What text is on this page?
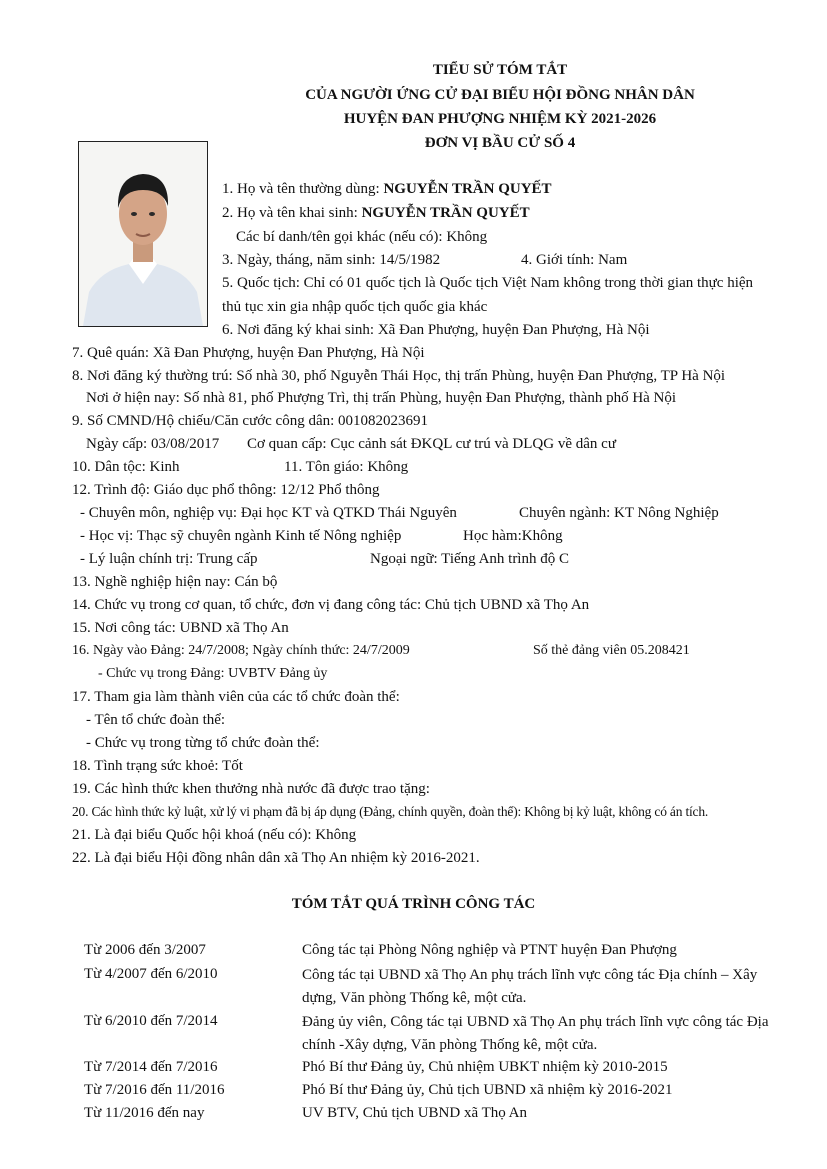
TIỂU SỬ TÓM TẮT
CỦA NGƯỜI ỨNG CỬ ĐẠI BIỂU HỘI ĐỒNG NHÂN DÂN
HUYỆN ĐAN PHƯỢNG NHIỆM KỲ 2021-2026
ĐƠN VỊ BẦU CỬ SỐ 4
1. Họ và tên thường dùng: NGUYỄN TRẦN QUYẾT
2. Họ và tên khai sinh: NGUYỄN TRẦN QUYẾT
Các bí danh/tên gọi khác (nếu có): Không
3. Ngày, tháng, năm sinh: 14/5/1982	4. Giới tính: Nam
5. Quốc tịch: Chỉ có 01 quốc tịch là Quốc tịch Việt Nam không trong thời gian thực hiện
thủ tục xin gia nhập quốc tịch quốc gia khác
6. Nơi đăng ký khai sinh: Xã Đan Phượng, huyện Đan Phượng, Hà Nội
7. Quê quán: Xã Đan Phượng, huyện Đan Phượng, Hà Nội
8. Nơi đăng ký thường trú: Số nhà 30, phố Nguyễn Thái Học, thị trấn Phùng, huyện Đan Phượng, TP Hà Nội
Nơi ở hiện nay: Số nhà 81, phố Phượng Trì, thị trấn Phùng, huyện Đan Phượng, thành phố Hà Nội
9. Số CMND/Hộ chiếu/Căn cước công dân: 001082023691
Ngày cấp: 03/08/2017 Cơ quan cấp: Cục cảnh sát ĐKQL cư trú và DLQG về dân cư
10. Dân tộc: Kinh	11. Tôn giáo: Không
12. Trình độ: Giáo dục phổ thông: 12/12 Phổ thông
- Chuyên môn, nghiệp vụ: Đại học KT và QTKD Thái Nguyên	Chuyên ngành: KT Nông Nghiệp
- Học vị: Thạc sỹ chuyên ngành Kinh tế Nông nghiệp	Học hàm:Không
- Lý luận chính trị: Trung cấp	Ngoại ngữ: Tiếng Anh trình độ C
13. Nghề nghiệp hiện nay: Cán bộ
14. Chức vụ trong cơ quan, tổ chức, đơn vị đang công tác: Chủ tịch UBND xã Thọ An
15. Nơi công tác: UBND xã Thọ An
16. Ngày vào Đảng: 24/7/2008; Ngày chính thức: 24/7/2009	Số thẻ đảng viên 05.208421
- Chức vụ trong Đảng: UVBTV Đảng ủy
17. Tham gia làm thành viên của các tổ chức đoàn thể:
- Tên tổ chức đoàn thể:
- Chức vụ trong từng tổ chức đoàn thể:
18. Tình trạng sức khoẻ: Tốt
19. Các hình thức khen thưởng nhà nước đã được trao tặng:
20. Các hình thức kỷ luật, xử lý vi phạm đã bị áp dụng (Đảng, chính quyền, đoàn thể): Không bị kỷ luật, không có án tích.
21. Là đại biểu Quốc hội khoá (nếu có): Không
22. Là đại biểu Hội đồng nhân dân xã Thọ An nhiệm kỳ 2016-2021.
TÓM TẮT QUÁ TRÌNH CÔNG TÁC
Từ 2006 đến 3/2007	Công tác tại Phòng Nông nghiệp và PTNT huyện Đan Phượng
Từ 4/2007 đến 6/2010	Công tác tại UBND xã Thọ An phụ trách lĩnh vực công tác Địa chính – Xây dựng, Văn phòng Thống kê, một cửa.
Từ 6/2010 đến 7/2014	Đảng ủy viên, Công tác tại UBND xã Thọ An phụ trách lĩnh vực công tác Địa chính -Xây dựng, Văn phòng Thống kê, một cửa.
Từ 7/2014 đến 7/2016	Phó Bí thư Đảng ủy, Chủ nhiệm UBKT nhiệm kỳ 2010-2015
Từ 7/2016 đến 11/2016	Phó Bí thư Đảng ủy, Chủ tịch UBND xã nhiệm kỳ 2016-2021
Từ 11/2016 đến nay	UV BTV, Chủ tịch UBND xã Thọ An
